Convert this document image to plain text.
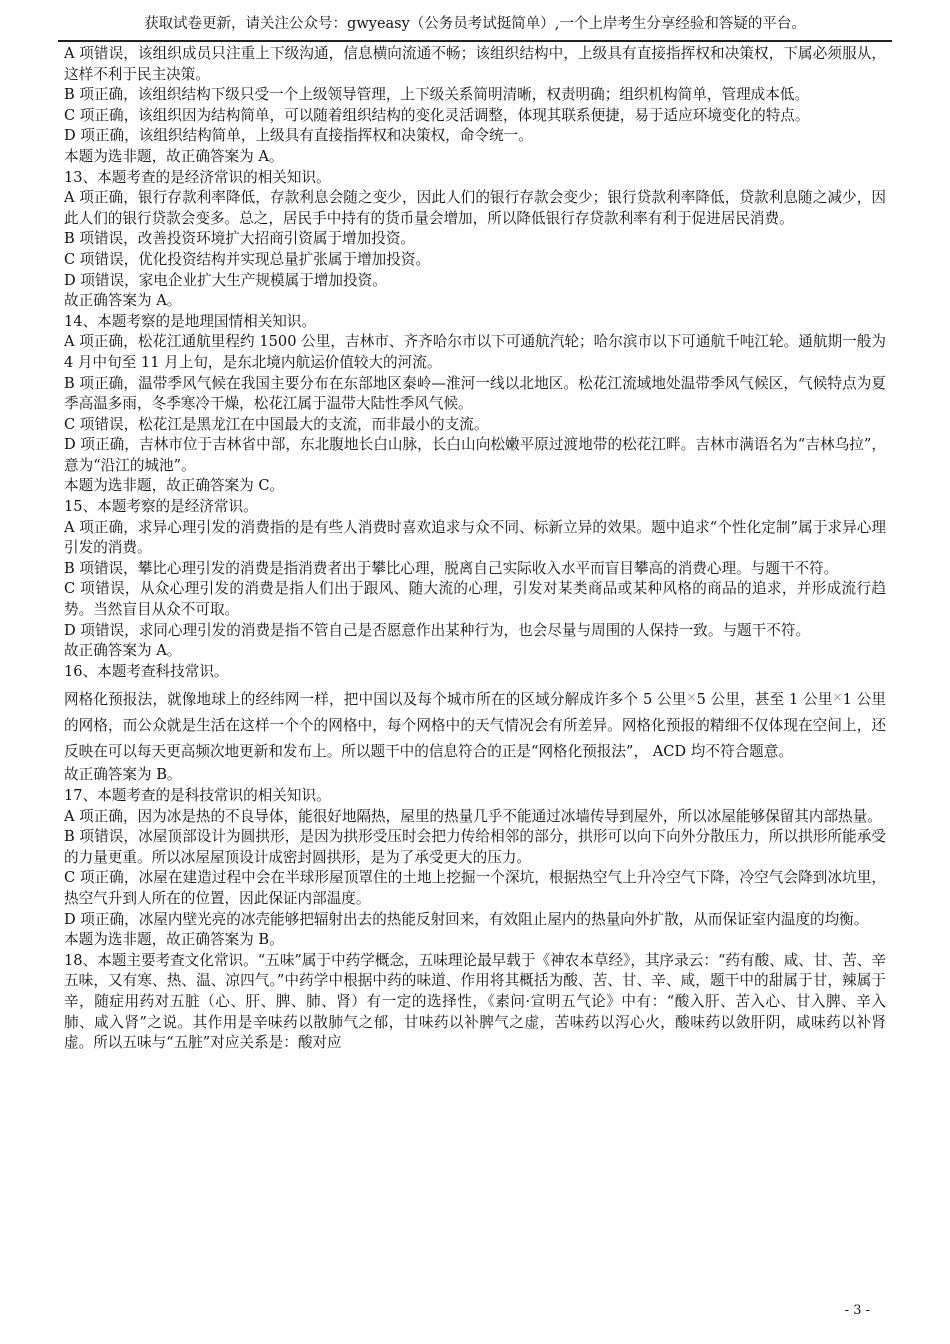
获取试卷更新，请关注公众号：gwyeasy（公务员考试挺简单）,一个上岸考生分享经验和答疑的平台。

A 项错误，该组织成员只注重上下级沟通，信息横向流通不畅；该组织结构中，上级具有直接指挥权和决策权，下属必须服从，这样不利于民主决策。

B 项正确，该组织结构下级只受一个上级领导管理，上下级关系简明清晰，权责明确；组织机构简单，管理成本低。

C 项正确，该组织因为结构简单，可以随着组织结构的变化灵活调整，体现其联系便捷，易于适应环境变化的特点。

D 项正确，该组织结构简单，上级具有直接指挥权和决策权，命令统一。

本题为选非题，故正确答案为 A。

13、本题考查的是经济常识的相关知识。

A 项正确，银行存款利率降低，存款利息会随之变少，因此人们的银行存款会变少；银行贷款利率降低，贷款利息随之减少，因此人们的银行贷款会变多。总之，居民手中持有的货币量会增加，所以降低银行存贷款利率有利于促进居民消费。

B 项错误，改善投资环境扩大招商引资属于增加投资。

C 项错误，优化投资结构并实现总量扩张属于增加投资。

D 项错误，家电企业扩大生产规模属于增加投资。

故正确答案为 A。

14、本题考察的是地理国情相关知识。

A 项正确，松花江通航里程约 1500 公里，吉林市、齐齐哈尔市以下可通航汽轮；哈尔滨市以下可通航千吨江轮。通航期一般为 4 月中旬至 11 月上旬，是东北境内航运价值较大的河流。

B 项正确，温带季风气候在我国主要分布在东部地区秦岭—淮河一线以北地区。松花江流域地处温带季风气候区，气候特点为夏季高温多雨，冬季寒冷干燥，松花江属于温带大陆性季风气候。

C 项错误，松花江是黑龙江在中国最大的支流，而非最小的支流。

D 项正确，吉林市位于吉林省中部，东北腹地长白山脉，长白山向松嫩平原过渡地带的松花江畔。吉林市满语名为“吉林乌拉”，意为“沿江的城池”。

本题为选非题，故正确答案为 C。

15、本题考察的是经济常识。

A 项正确，求异心理引发的消费指的是有些人消费时喜欢追求与众不同、标新立异的效果。题中追求“个性化定制”属于求异心理引发的消费。

B 项错误，攀比心理引发的消费是指消费者出于攀比心理，脱离自己实际收入水平而盲目攀高的消费心理。与题干不符。

C 项错误，从众心理引发的消费是指人们出于跟风、随大流的心理，引发对某类商品或某种风格的商品的追求，并形成流行趋势。当然盲目从众不可取。

D 项错误，求同心理引发的消费是指不管自己是否愿意作出某种行为，也会尽量与周围的人保持一致。与题干不符。

故正确答案为 A。

16、本题考查科技常识。

网格化预报法，就像地球上的经纬网一样，把中国以及每个城市所在的区域分解成许多个 5 公里×5 公里，甚至 1 公里×1 公里的网格，而公众就是生活在这样一个个的网格中，每个网格中的天气情况会有所差异。网格化预报的精细不仅体现在空间上，还反映在可以每天更高频次地更新和发布上。所以题干中的信息符合的正是“网格化预报法”， ACD 均不符合题意。

故正确答案为 B。

17、本题考查的是科技常识的相关知识。

A 项正确，因为冰是热的不良导体，能很好地隔热，屋里的热量几乎不能通过冰墙传导到屋外，所以冰屋能够保留其内部热量。

B 项错误，冰屋顶部设计为圆拱形，是因为拱形受压时会把力传给相邻的部分，拱形可以向下向外分散压力，所以拱形所能承受的力量更重。所以冰屋屋顶设计成密封圆拱形，是为了承受更大的压力。

C 项正确，冰屋在建造过程中会在半球形屋顶罩住的土地上挖掘一个深坑，根据热空气上升冷空气下降，冷空气会降到冰坑里，热空气升到人所在的位置，因此保证内部温度。

D 项正确，冰屋内壁光亮的冰壳能够把辐射出去的热能反射回来，有效阻止屋内的热量向外扩散，从而保证室内温度的均衡。

本题为选非题，故正确答案为 B。

18、本题主要考查文化常识。“五味”属于中药学概念，五味理论最早载于《神农本草经》，其序录云：“药有酸、咸、甘、苦、辛五味，又有寒、热、温、凉四气。”中药学中根据中药的味道、作用将其概括为酸、苦、甘、辛、咸，题干中的甜属于甘，辣属于辛，随症用药对五脏（心、肝、脾、肺、肾）有一定的选择性，《素问·宣明五气论》中有：“酸入肝、苦入心、甘入脾、辛入肺、咸入肾”之说。其作用是辛味药以散肺气之郁，甘味药以补脾气之虚，苦味药以泻心火，酸味药以敛肝阴，咸味药以补肾虚。所以五味与“五脏”对应关系是：酸对应

- 3 -
